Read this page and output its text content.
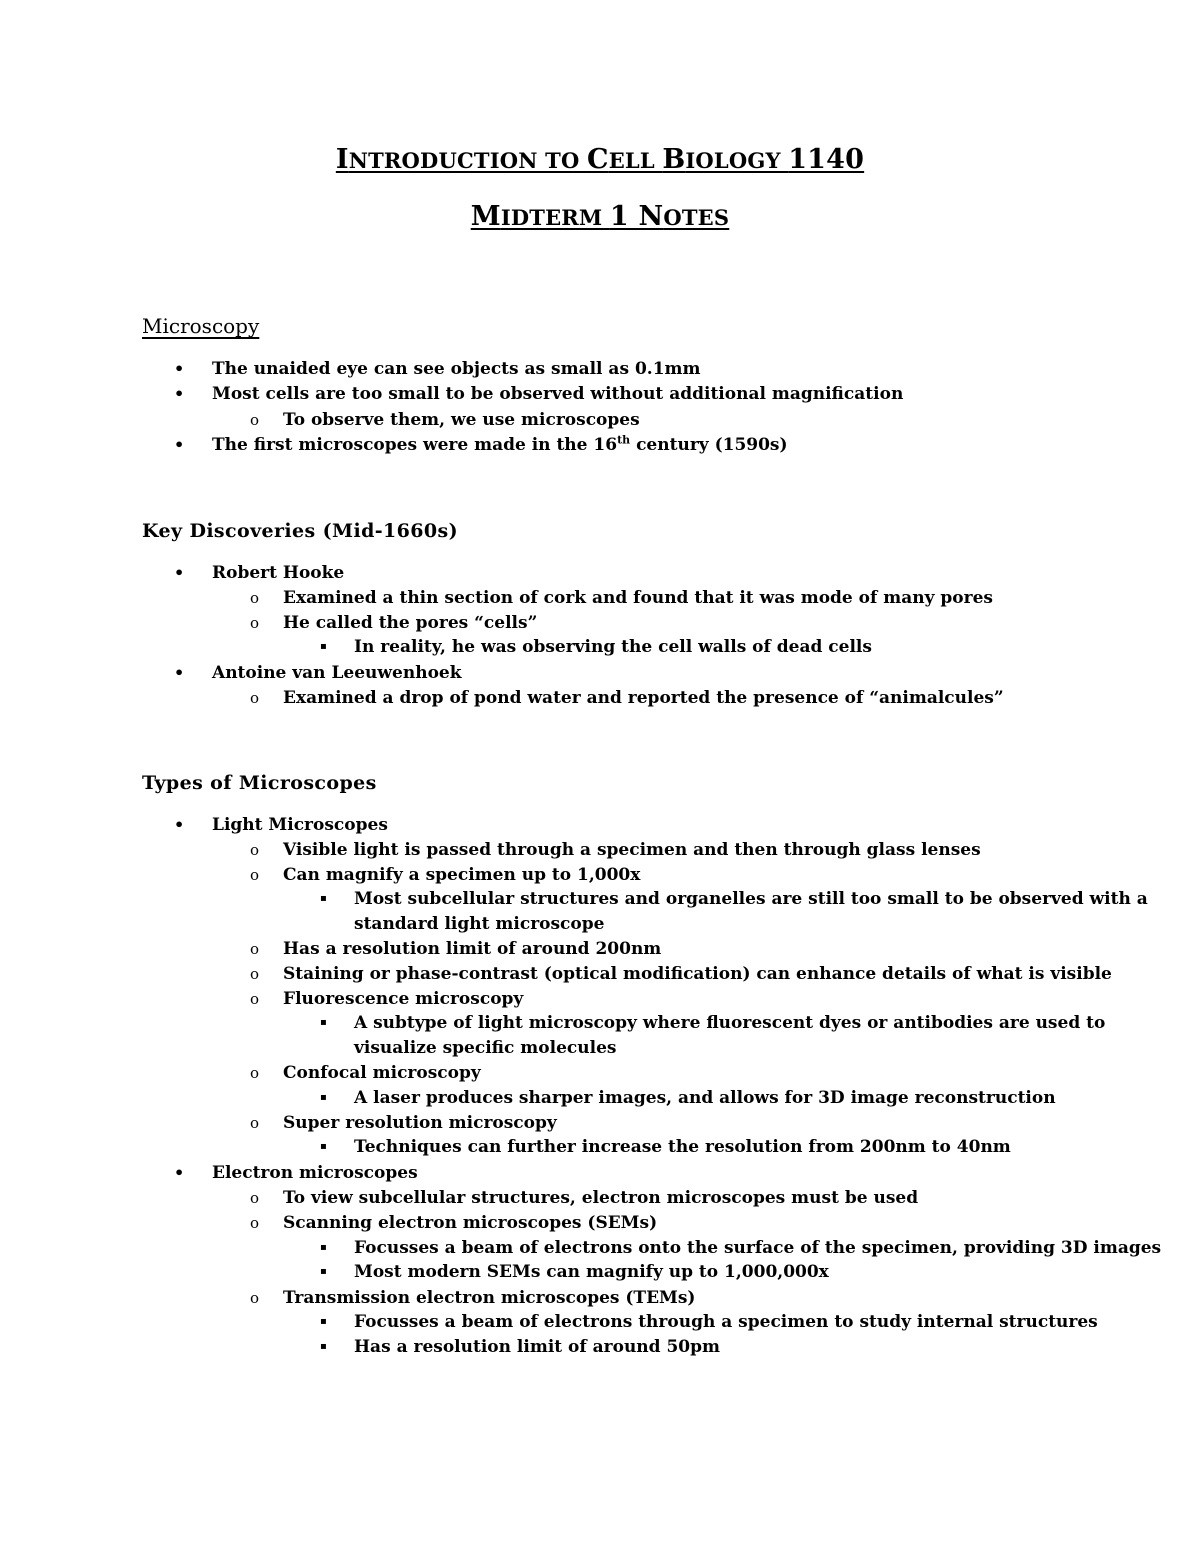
INTRODUCTION TO CELL BIOLOGY 1140
MIDTERM 1 NOTES
Microscopy
• The unaided eye can see objects as small as 0.1mm
• Most cells are too small to be observed without additional magnification
o To observe them, we use microscopes
• The first microscopes were made in the 16th century (1590s)
Key Discoveries (Mid-1660s)
• Robert Hooke
o Examined a thin section of cork and found that it was mode of many pores
o He called the pores “cells”
▪ In reality, he was observing the cell walls of dead cells
• Antoine van Leeuwenhoek
o Examined a drop of pond water and reported the presence of “animalcules”
Types of Microscopes
• Light Microscopes
o Visible light is passed through a specimen and then through glass lenses
o Can magnify a specimen up to 1,000x
▪ Most subcellular structures and organelles are still too small to be observed with a
standard light microscope
o Has a resolution limit of around 200nm
o Staining or phase-contrast (optical modification) can enhance details of what is visible
o Fluorescence microscopy
▪ A subtype of light microscopy where fluorescent dyes or antibodies are used to
visualize specific molecules
o Confocal microscopy
▪ A laser produces sharper images, and allows for 3D image reconstruction
o Super resolution microscopy
▪ Techniques can further increase the resolution from 200nm to 40nm
• Electron microscopes
o To view subcellular structures, electron microscopes must be used
o Scanning electron microscopes (SEMs)
▪ Focusses a beam of electrons onto the surface of the specimen, providing 3D images
▪ Most modern SEMs can magnify up to 1,000,000x
o Transmission electron microscopes (TEMs)
▪ Focusses a beam of electrons through a specimen to study internal structures
▪ Has a resolution limit of around 50pm
